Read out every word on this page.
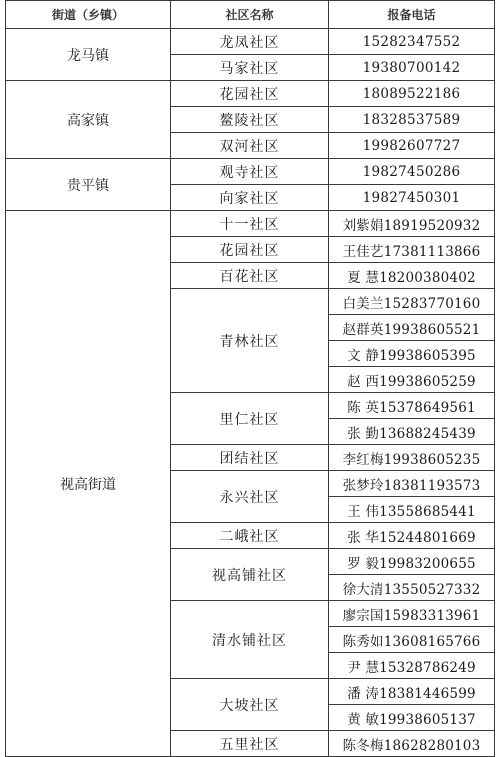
街道（乡镇）	社区名称	报备电话
龙马镇	龙凤社区	15282347552
	马家社区	19380700142
高家镇	花园社区	18089522186
	鳌陵社区	18328537589
	双河社区	19982607727
贵平镇	观寺社区	19827450286
	向家社区	19827450301
视高街道	十一社区	刘紫娟18919520932
	花园社区	王佳艺17381113866
	百花社区	夏 慧18200380402
	青林社区	白美兰15283770160
		赵群英19938605521
		文 静19938605395
		赵 西19938605259
	里仁社区	陈 英15378649561
		张 勤13688245439
	团结社区	李红梅19938605235
	永兴社区	张梦玲18381193573
		王 伟13558685441
	二峨社区	张 华15244801669
	视高铺社区	罗 毅19983200655
		徐大清13550527332
	清水铺社区	廖宗国15983313961
		陈秀如13608165766
		尹 慧15328786249
	大坡社区	潘 涛18381446599
		黄 敏19938605137
	五里社区	陈冬梅18628280103
